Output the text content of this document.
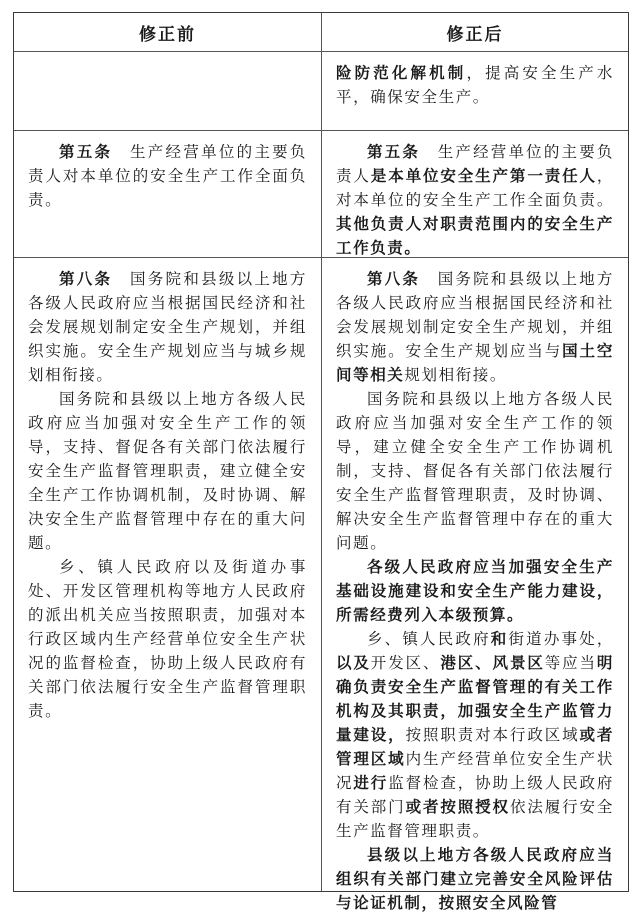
修正前	修正后

险防范化解机制，提高安全生产水平，确保安全生产。

第五条　生产经营单位的主要负责人对本单位的安全生产工作全面负责。

第五条　生产经营单位的主要负责人是本单位安全生产第一责任人，对本单位的安全生产工作全面负责。其他负责人对职责范围内的安全生产工作负责。

第八条　国务院和县级以上地方各级人民政府应当根据国民经济和社会发展规划制定安全生产规划，并组织实施。安全生产规划应当与城乡规划相衔接。

国务院和县级以上地方各级人民政府应当加强对安全生产工作的领导，支持、督促各有关部门依法履行安全生产监督管理职责，建立健全安全生产工作协调机制，及时协调、解决安全生产监督管理中存在的重大问题。

乡、镇人民政府以及街道办事处、开发区管理机构等地方人民政府的派出机关应当按照职责，加强对本行政区域内生产经营单位安全生产状况的监督检查，协助上级人民政府有关部门依法履行安全生产监督管理职责。

第八条　国务院和县级以上地方各级人民政府应当根据国民经济和社会发展规划制定安全生产规划，并组织实施。安全生产规划应当与国土空间等相关规划相衔接。

国务院和县级以上地方各级人民政府应当加强对安全生产工作的领导，建立健全安全生产工作协调机制，支持、督促各有关部门依法履行安全生产监督管理职责，及时协调、解决安全生产监督管理中存在的重大问题。

各级人民政府应当加强安全生产基础设施建设和安全生产能力建设，所需经费列入本级预算。

乡、镇人民政府和街道办事处，以及开发区、港区、风景区等应当明确负责安全生产监督管理的有关工作机构及其职责，加强安全生产监管力量建设，按照职责对本行政区域或者管理区域内生产经营单位安全生产状况进行监督检查，协助上级人民政府有关部门或者按照授权依法履行安全生产监督管理职责。

县级以上地方各级人民政府应当组织有关部门建立完善安全风险评估与论证机制，按照安全风险管
